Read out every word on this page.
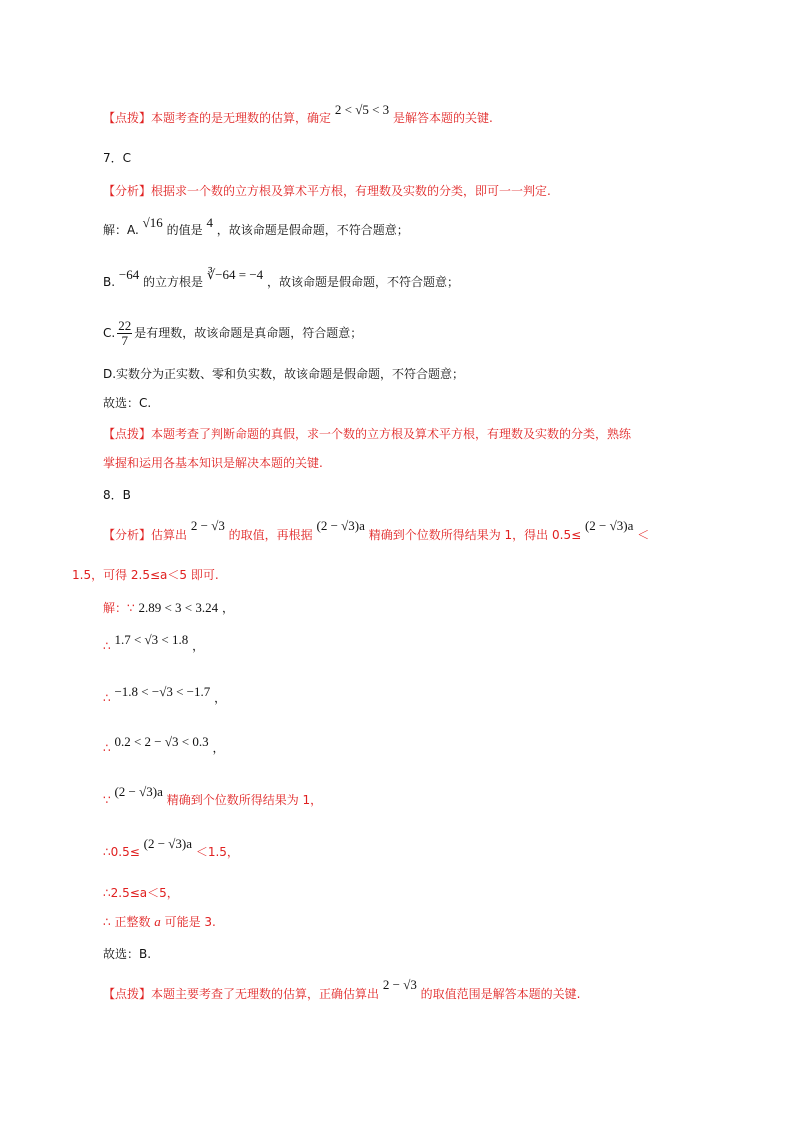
【点拨】本题考查的是无理数的估算，确定 2 < √5 < 3 是解答本题的关键.
7．C
【分析】根据求一个数的立方根及算术平方根，有理数及实数的分类，即可一一判定.
解：A. √16 的值是 4 ，故该命题是假命题，不符合题意；
B. −64 的立方根是 ∛−64 = −4 ，故该命题是假命题，不符合题意；
C. $\frac{22}{7}$ 是有理数，故该命题是真命题，符合题意；
D.实数分为正实数、零和负实数，故该命题是假命题，不符合题意；
故选：C.
【点拨】本题考查了判断命题的真假，求一个数的立方根及算术平方根，有理数及实数的分类，熟练
掌握和运用各基本知识是解决本题的关键.
8．B
【分析】估算出 2 − √3 的取值，再根据 (2 − √3)a 精确到个位数所得结果为 1，得出 0.5≤ (2 − √3)a ＜
1.5，可得 2.5≤a＜5 即可.
解：∵ 2.89 < 3 < 3.24 ，
∴ 1.7 < √3 < 1.8 ，
∴ −1.8 < −√3 < −1.7 ，
∴ 0.2 < 2 − √3 < 0.3 ，
∵ (2 − √3)a 精确到个位数所得结果为 1，
∴0.5≤ (2 − √3)a ＜1.5，
∴2.5≤a＜5，
∴ 正整数 a 可能是 3.
故选：B.
【点拨】本题主要考查了无理数的估算，正确估算出 2 − √3 的取值范围是解答本题的关键.
